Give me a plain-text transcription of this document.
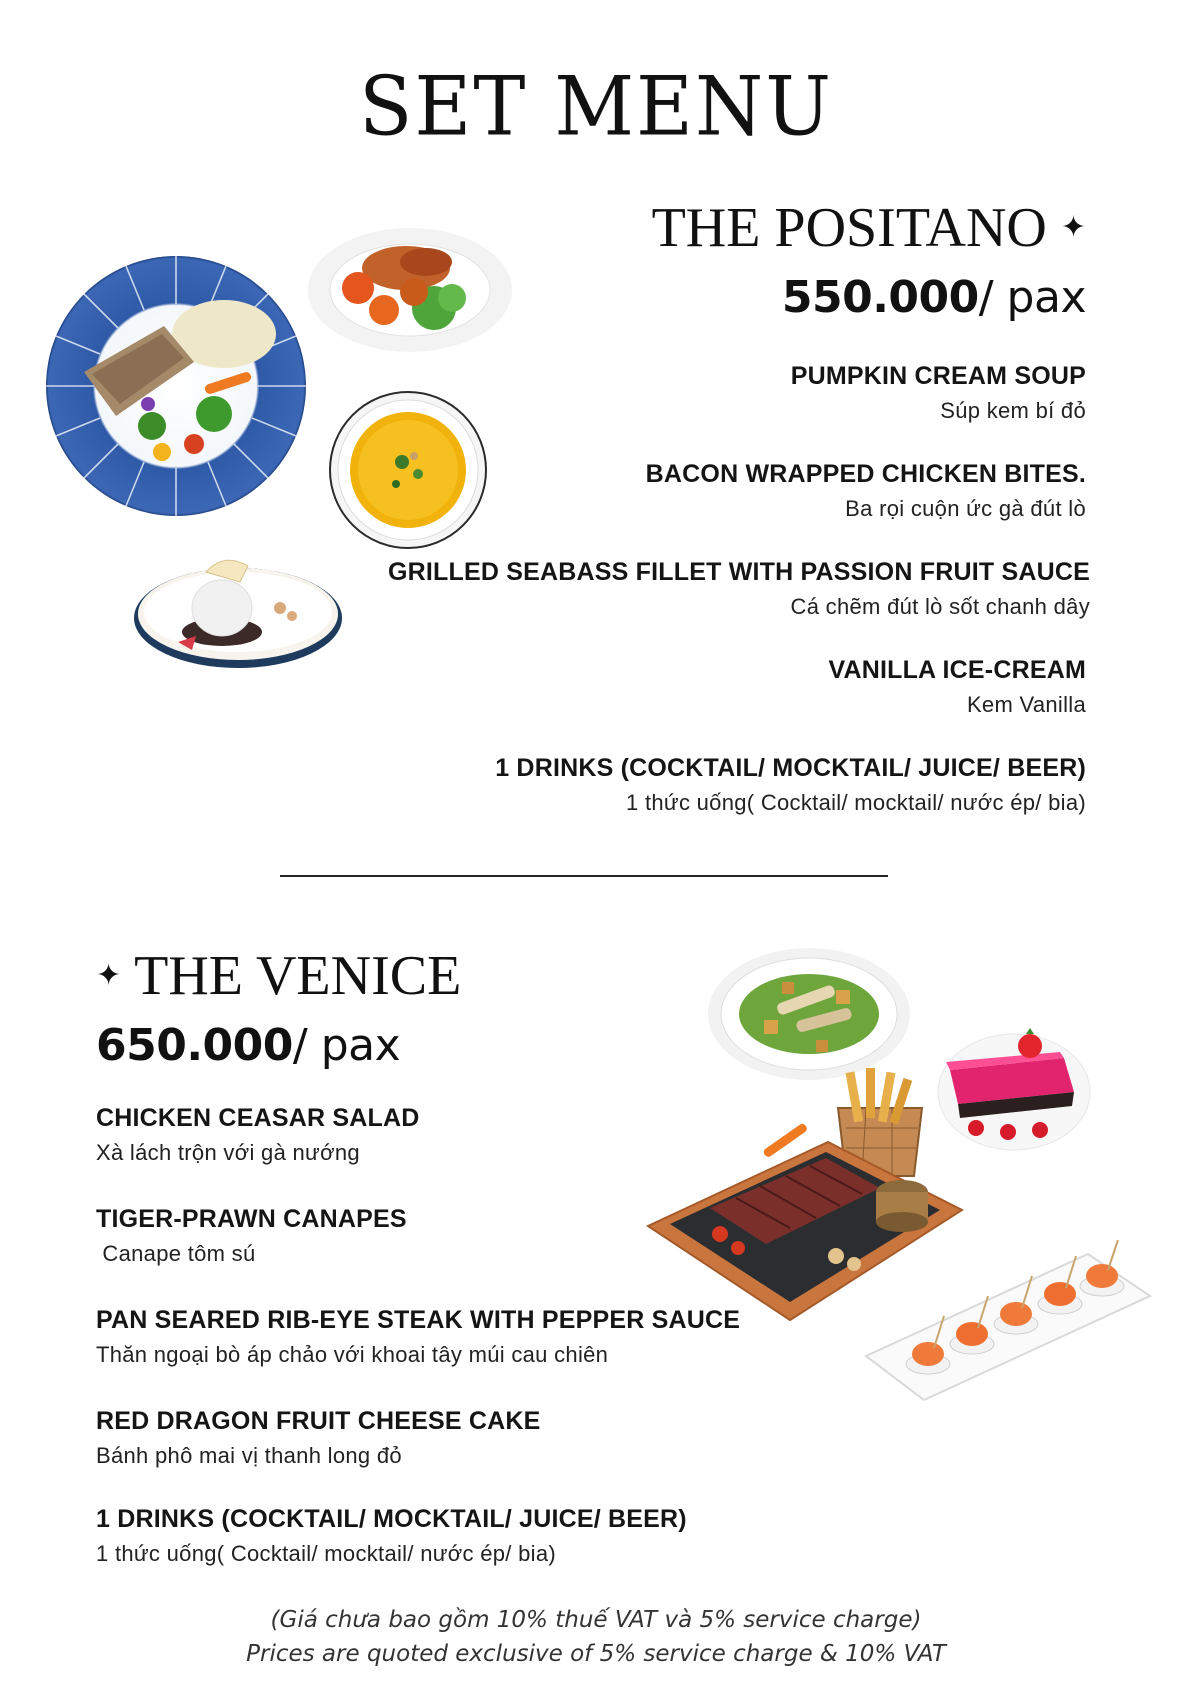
SET MENU
THE POSITANO ✦
550.000/ pax
PUMPKIN CREAM SOUP
Súp kem bí đỏ
BACON WRAPPED CHICKEN BITES.
Ba rọi cuộn ức gà đút lò
GRILLED SEABASS FILLET WITH PASSION FRUIT SAUCE
Cá chẽm đút lò sốt chanh dây
VANILLA ICE-CREAM
Kem Vanilla
1 DRINKS (COCKTAIL/ MOCKTAIL/ JUICE/ BEER)
1 thức uống( Cocktail/ mocktail/ nước ép/ bia)
✦ THE VENICE
650.000/ pax
CHICKEN CEASAR SALAD
Xà lách trộn với gà nướng
TIGER-PRAWN CANAPES
Canape tôm sú
PAN SEARED RIB-EYE STEAK WITH PEPPER SAUCE
Thăn ngoại bò áp chảo với khoai tây múi cau chiên
RED DRAGON FRUIT CHEESE CAKE
Bánh phô mai vị thanh long đỏ
1 DRINKS (COCKTAIL/ MOCKTAIL/ JUICE/ BEER)
1 thức uống( Cocktail/ mocktail/ nước ép/ bia)
(Giá chưa bao gồm 10% thuế VAT và 5% service charge)
Prices are quoted exclusive of 5% service charge & 10% VAT
